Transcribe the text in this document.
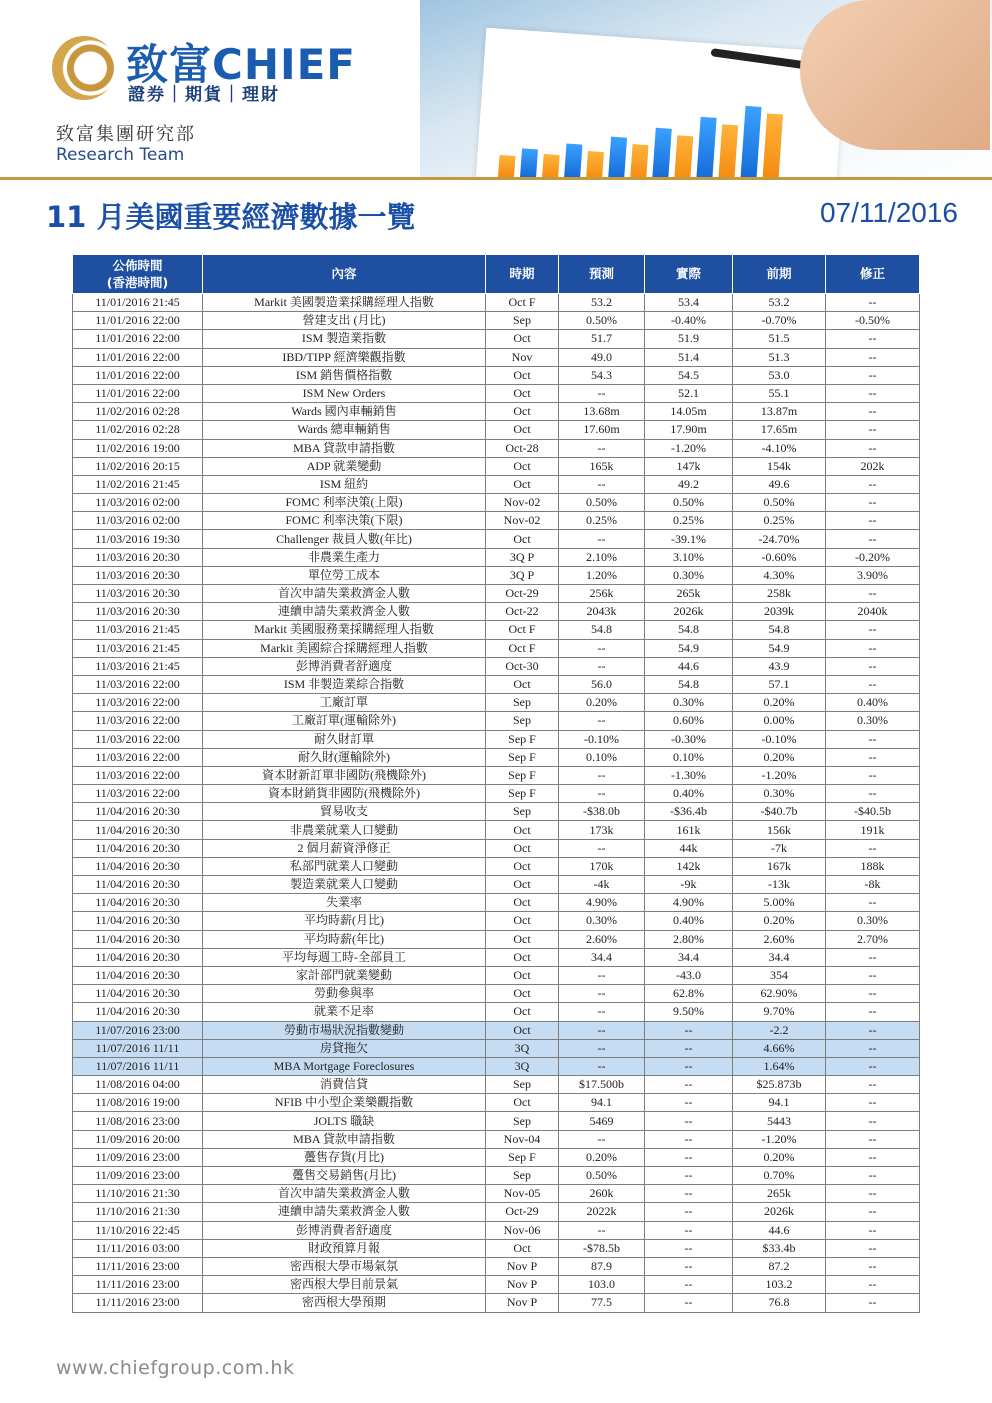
致富CHIEF
證券｜期貨｜理財
致富集團研究部
Research Team
11 月美國重要經濟數據一覽	07/11/2016
公佈時間
(香港時間)	內容	時期	預測	實際	前期	修正
11/01/2016 21:45	Markit 美國製造業採購經理人指數	Oct F	53.2	53.4	53.2	--
11/01/2016 22:00	營建支出 (月比)	Sep	0.50%	-0.40%	-0.70%	-0.50%
11/01/2016 22:00	ISM 製造業指數	Oct	51.7	51.9	51.5	--
11/01/2016 22:00	IBD/TIPP 經濟樂觀指數	Nov	49.0	51.4	51.3	--
11/01/2016 22:00	ISM 銷售價格指數	Oct	54.3	54.5	53.0	--
11/01/2016 22:00	ISM New Orders	Oct	--	52.1	55.1	--
11/02/2016 02:28	Wards 國內車輛銷售	Oct	13.68m	14.05m	13.87m	--
11/02/2016 02:28	Wards 總車輛銷售	Oct	17.60m	17.90m	17.65m	--
11/02/2016 19:00	MBA 貸款申請指數	Oct-28	--	-1.20%	-4.10%	--
11/02/2016 20:15	ADP 就業變動	Oct	165k	147k	154k	202k
11/02/2016 21:45	ISM 紐約	Oct	--	49.2	49.6	--
11/03/2016 02:00	FOMC 利率決策(上限)	Nov-02	0.50%	0.50%	0.50%	--
11/03/2016 02:00	FOMC 利率決策(下限)	Nov-02	0.25%	0.25%	0.25%	--
11/03/2016 19:30	Challenger 裁員人數(年比)	Oct	--	-39.1%	-24.70%	--
11/03/2016 20:30	非農業生產力	3Q P	2.10%	3.10%	-0.60%	-0.20%
11/03/2016 20:30	單位勞工成本	3Q P	1.20%	0.30%	4.30%	3.90%
11/03/2016 20:30	首次申請失業救濟金人數	Oct-29	256k	265k	258k	--
11/03/2016 20:30	連續申請失業救濟金人數	Oct-22	2043k	2026k	2039k	2040k
11/03/2016 21:45	Markit 美國服務業採購經理人指數	Oct F	54.8	54.8	54.8	--
11/03/2016 21:45	Markit 美國綜合採購經理人指數	Oct F	--	54.9	54.9	--
11/03/2016 21:45	彭博消費者舒適度	Oct-30	--	44.6	43.9	--
11/03/2016 22:00	ISM 非製造業綜合指數	Oct	56.0	54.8	57.1	--
11/03/2016 22:00	工廠訂單	Sep	0.20%	0.30%	0.20%	0.40%
11/03/2016 22:00	工廠訂單(運輸除外)	Sep	--	0.60%	0.00%	0.30%
11/03/2016 22:00	耐久財訂單	Sep F	-0.10%	-0.30%	-0.10%	--
11/03/2016 22:00	耐久財(運輸除外)	Sep F	0.10%	0.10%	0.20%	--
11/03/2016 22:00	資本財新訂單非國防(飛機除外)	Sep F	--	-1.30%	-1.20%	--
11/03/2016 22:00	資本財銷貨非國防(飛機除外)	Sep F	--	0.40%	0.30%	--
11/04/2016 20:30	貿易收支	Sep	-$38.0b	-$36.4b	-$40.7b	-$40.5b
11/04/2016 20:30	非農業就業人口變動	Oct	173k	161k	156k	191k
11/04/2016 20:30	2 個月薪資淨修正	Oct	--	44k	-7k	--
11/04/2016 20:30	私部門就業人口變動	Oct	170k	142k	167k	188k
11/04/2016 20:30	製造業就業人口變動	Oct	-4k	-9k	-13k	-8k
11/04/2016 20:30	失業率	Oct	4.90%	4.90%	5.00%	--
11/04/2016 20:30	平均時薪(月比)	Oct	0.30%	0.40%	0.20%	0.30%
11/04/2016 20:30	平均時薪(年比)	Oct	2.60%	2.80%	2.60%	2.70%
11/04/2016 20:30	平均每週工時-全部員工	Oct	34.4	34.4	34.4	--
11/04/2016 20:30	家計部門就業變動	Oct	--	-43.0	354	--
11/04/2016 20:30	勞動參與率	Oct	--	62.8%	62.90%	--
11/04/2016 20:30	就業不足率	Oct	--	9.50%	9.70%	--
11/07/2016 23:00	勞動市場狀況指數變動	Oct	--	--	-2.2	--
11/07/2016 11/11	房貸拖欠	3Q	--	--	4.66%	--
11/07/2016 11/11	MBA Mortgage Foreclosures	3Q	--	--	1.64%	--
11/08/2016 04:00	消費信貸	Sep	$17.500b	--	$25.873b	--
11/08/2016 19:00	NFIB 中小型企業樂觀指數	Oct	94.1	--	94.1	--
11/08/2016 23:00	JOLTS 職缺	Sep	5469	--	5443	--
11/09/2016 20:00	MBA 貸款申請指數	Nov-04	--	--	-1.20%	--
11/09/2016 23:00	躉售存貨(月比)	Sep F	0.20%	--	0.20%	--
11/09/2016 23:00	躉售交易銷售(月比)	Sep	0.50%	--	0.70%	--
11/10/2016 21:30	首次申請失業救濟金人數	Nov-05	260k	--	265k	--
11/10/2016 21:30	連續申請失業救濟金人數	Oct-29	2022k	--	2026k	--
11/10/2016 22:45	彭博消費者舒適度	Nov-06	--	--	44.6	--
11/11/2016 03:00	財政預算月報	Oct	-$78.5b	--	$33.4b	--
11/11/2016 23:00	密西根大學市場氣氛	Nov P	87.9	--	87.2	--
11/11/2016 23:00	密西根大學目前景氣	Nov P	103.0	--	103.2	--
11/11/2016 23:00	密西根大學預期	Nov P	77.5	--	76.8	--
www.chiefgroup.com.hk
